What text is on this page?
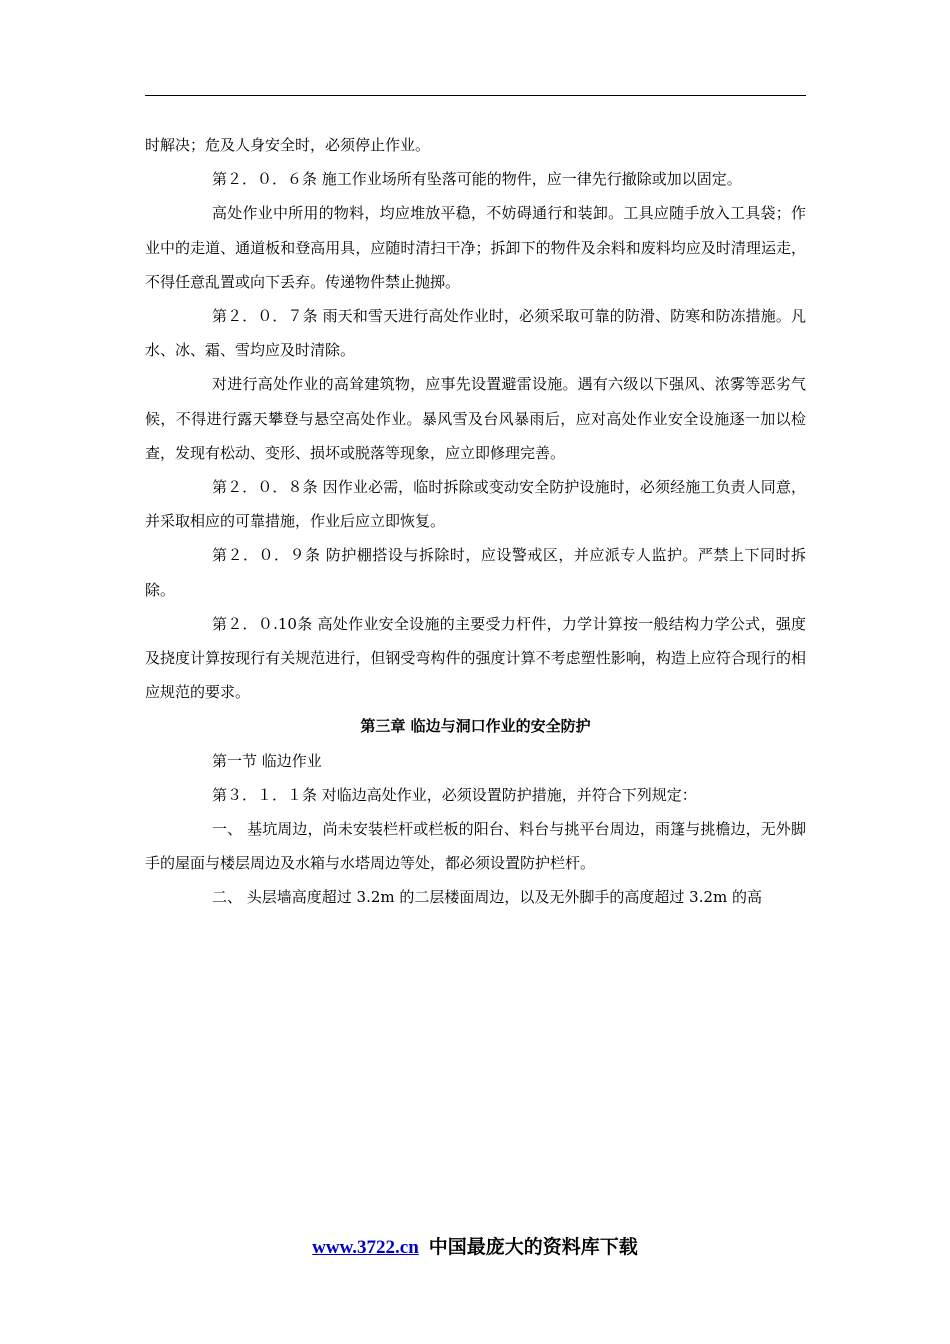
时解决；危及人身安全时，必须停止作业。

第２．０．６条 施工作业场所有坠落可能的物件，应一律先行撤除或加以固定。

高处作业中所用的物料，均应堆放平稳，不妨碍通行和装卸。工具应随手放入工具袋；作业中的走道、通道板和登高用具，应随时清扫干净；拆卸下的物件及余料和废料均应及时清理运走，不得任意乱置或向下丢弃。传递物件禁止抛掷。

第２．０．７条 雨天和雪天进行高处作业时，必须采取可靠的防滑、防寒和防冻措施。凡水、冰、霜、雪均应及时清除。

对进行高处作业的高耸建筑物，应事先设置避雷设施。遇有六级以下强风、浓雾等恶劣气候，不得进行露天攀登与悬空高处作业。暴风雪及台风暴雨后，应对高处作业安全设施逐一加以检查，发现有松动、变形、损坏或脱落等现象，应立即修理完善。

第２．０．８条 因作业必需，临时拆除或变动安全防护设施时，必须经施工负责人同意，并采取相应的可靠措施，作业后应立即恢复。

第２．０．９条 防护棚搭设与拆除时，应设警戒区，并应派专人监护。严禁上下同时拆除。

第２．０.10条 高处作业安全设施的主要受力杆件，力学计算按一般结构力学公式，强度及挠度计算按现行有关规范进行，但钢受弯构件的强度计算不考虑塑性影响，构造上应符合现行的相应规范的要求。

第三章 临边与洞口作业的安全防护

第一节 临边作业

第３．１．１条 对临边高处作业，必须设置防护措施，并符合下列规定：

一、 基坑周边，尚未安装栏杆或栏板的阳台、料台与挑平台周边，雨篷与挑檐边，无外脚手的屋面与楼层周边及水箱与水塔周边等处，都必须设置防护栏杆。

二、 头层墙高度超过 3.2m 的二层楼面周边，以及无外脚手的高度超过 3.2m 的高

www.3722.cn 中国最庞大的资料库下载
